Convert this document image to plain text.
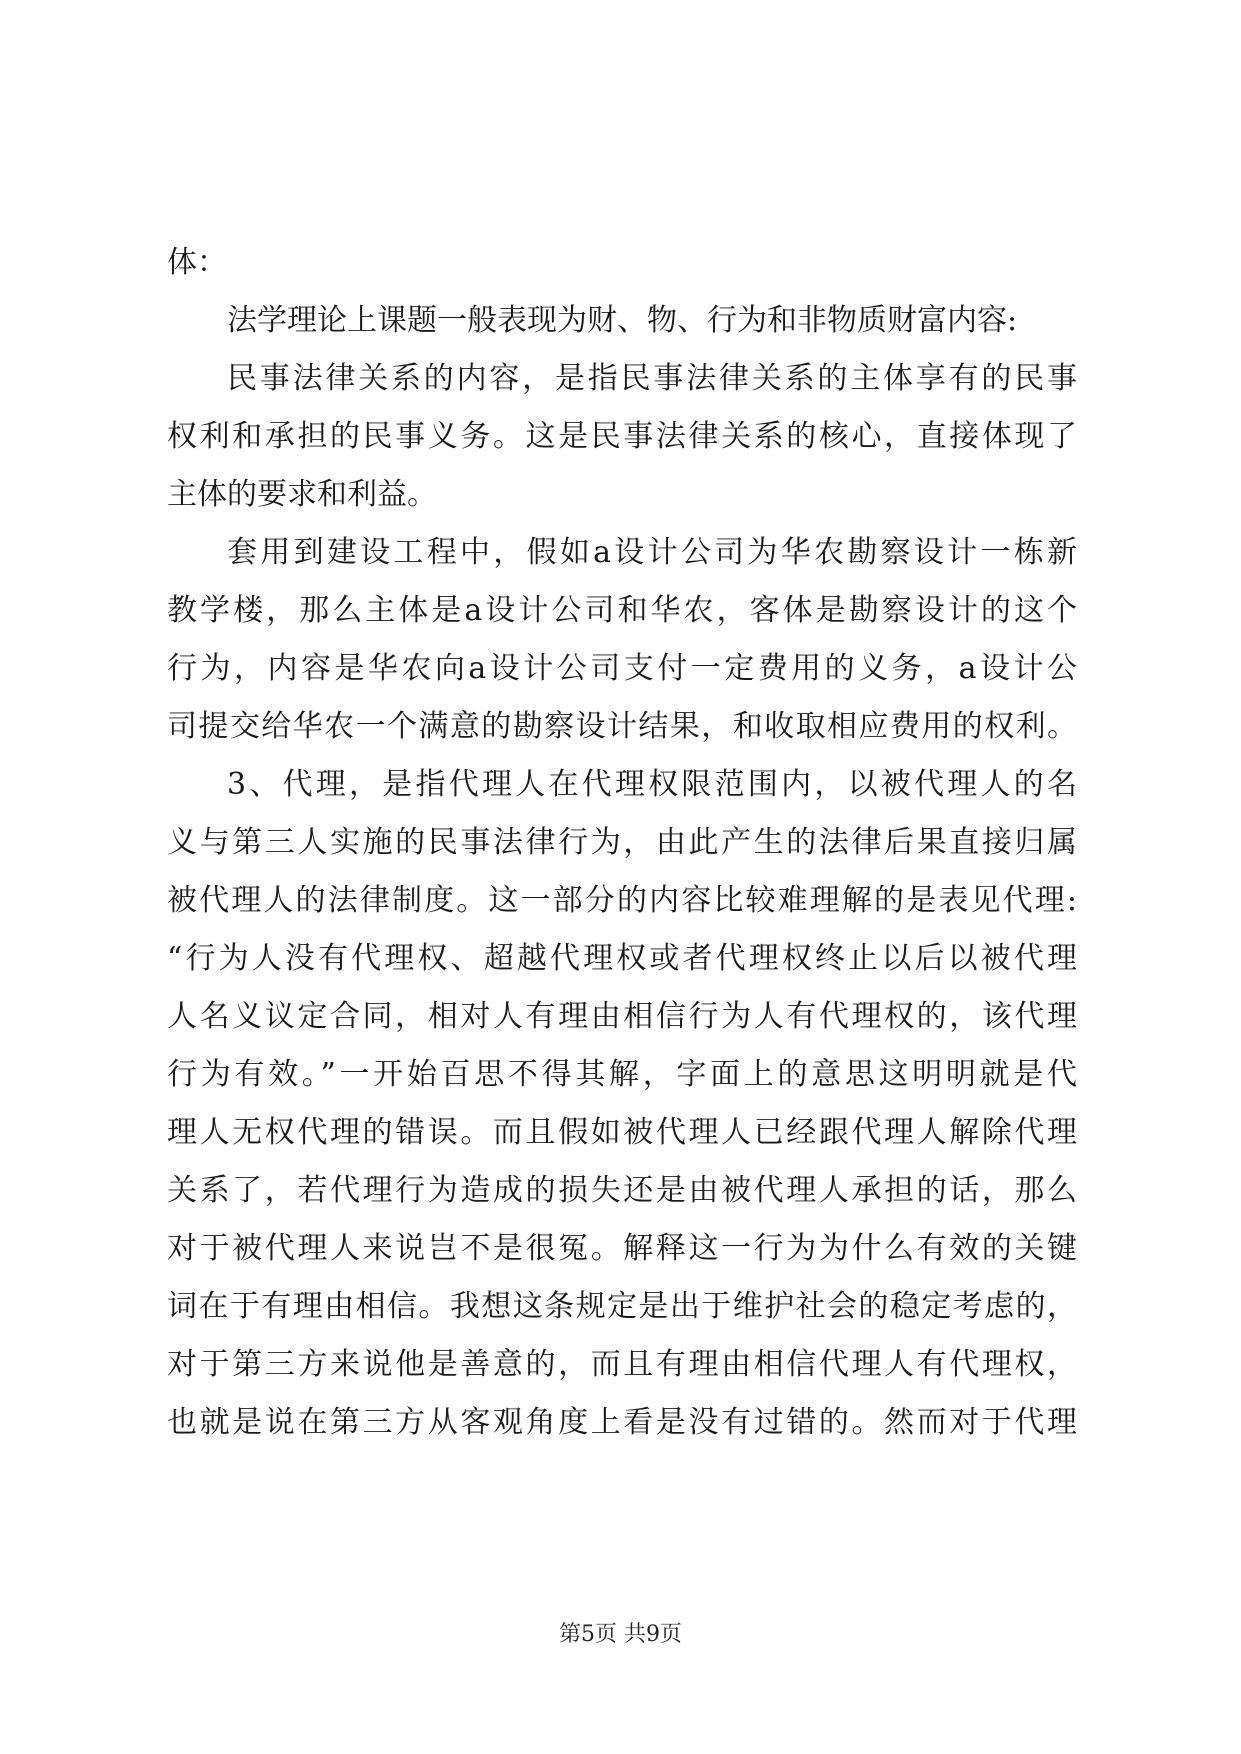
体：
法学理论上课题一般表现为财、物、行为和非物质财富内容:
民事法律关系的内容，是指民事法律关系的主体享有的民事
权利和承担的民事义务。这是民事法律关系的核心，直接体现了
主体的要求和利益。
套用到建设工程中，假如a设计公司为华农勘察设计一栋新
教学楼，那么主体是a设计公司和华农，客体是勘察设计的这个
行为，内容是华农向a设计公司支付一定费用的义务，a设计公
司提交给华农一个满意的勘察设计结果，和收取相应费用的权利。
3、代理，是指代理人在代理权限范围内，以被代理人的名
义与第三人实施的民事法律行为，由此产生的法律后果直接归属
被代理人的法律制度。这一部分的内容比较难理解的是表见代理:
“行为人没有代理权、超越代理权或者代理权终止以后以被代理
人名义议定合同，相对人有理由相信行为人有代理权的，该代理
行为有效。”一开始百思不得其解，字面上的意思这明明就是代
理人无权代理的错误。而且假如被代理人已经跟代理人解除代理
关系了，若代理行为造成的损失还是由被代理人承担的话，那么
对于被代理人来说岂不是很冤。解释这一行为为什么有效的关键
词在于有理由相信。我想这条规定是出于维护社会的稳定考虑的，
对于第三方来说他是善意的，而且有理由相信代理人有代理权，
也就是说在第三方从客观角度上看是没有过错的。然而对于代理
第5页 共9页
